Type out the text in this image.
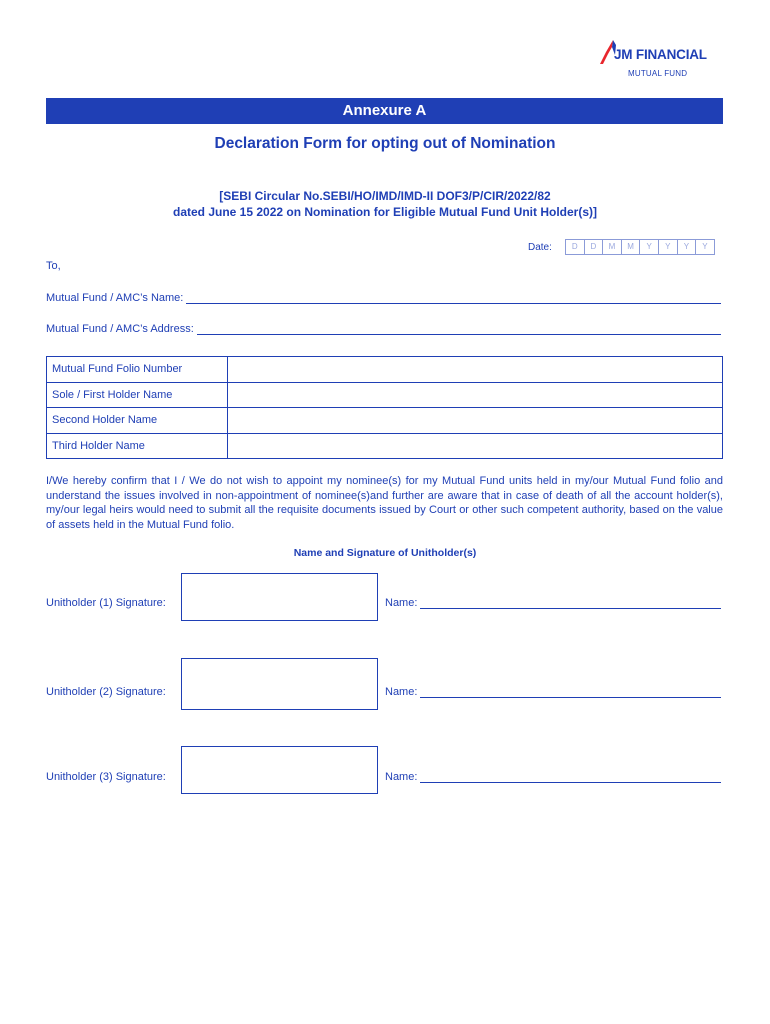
JM FINANCIAL
MUTUAL FUND
Annexure A
Declaration Form for opting out of Nomination
[SEBI Circular No.SEBI/HO/IMD/IMD-II DOF3/P/CIR/2022/82
dated June 15 2022 on Nomination for Eligible Mutual Fund Unit Holder(s)]
Date:	D	D	M	M	Y	Y	Y	Y
To,
Mutual Fund / AMC’s Name:
Mutual Fund / AMC’s Address:
Mutual Fund Folio Number	
Sole / First Holder Name	
Second Holder Name	
Third Holder Name	

I/We hereby confirm that I / We do not wish to appoint my nominee(s) for my Mutual Fund units held in my/our Mutual Fund folio and understand the issues involved in non-appointment of nominee(s)and further are aware that in case of death of all the account holder(s), my/our legal heirs would need to submit all the requisite documents issued by Court or other such competent authority, based on the value of assets held in the Mutual Fund folio.

Name and Signature of Unitholder(s)
Unitholder (1) Signature:	Name:
Unitholder (2) Signature:	Name:
Unitholder (3) Signature:	Name:
